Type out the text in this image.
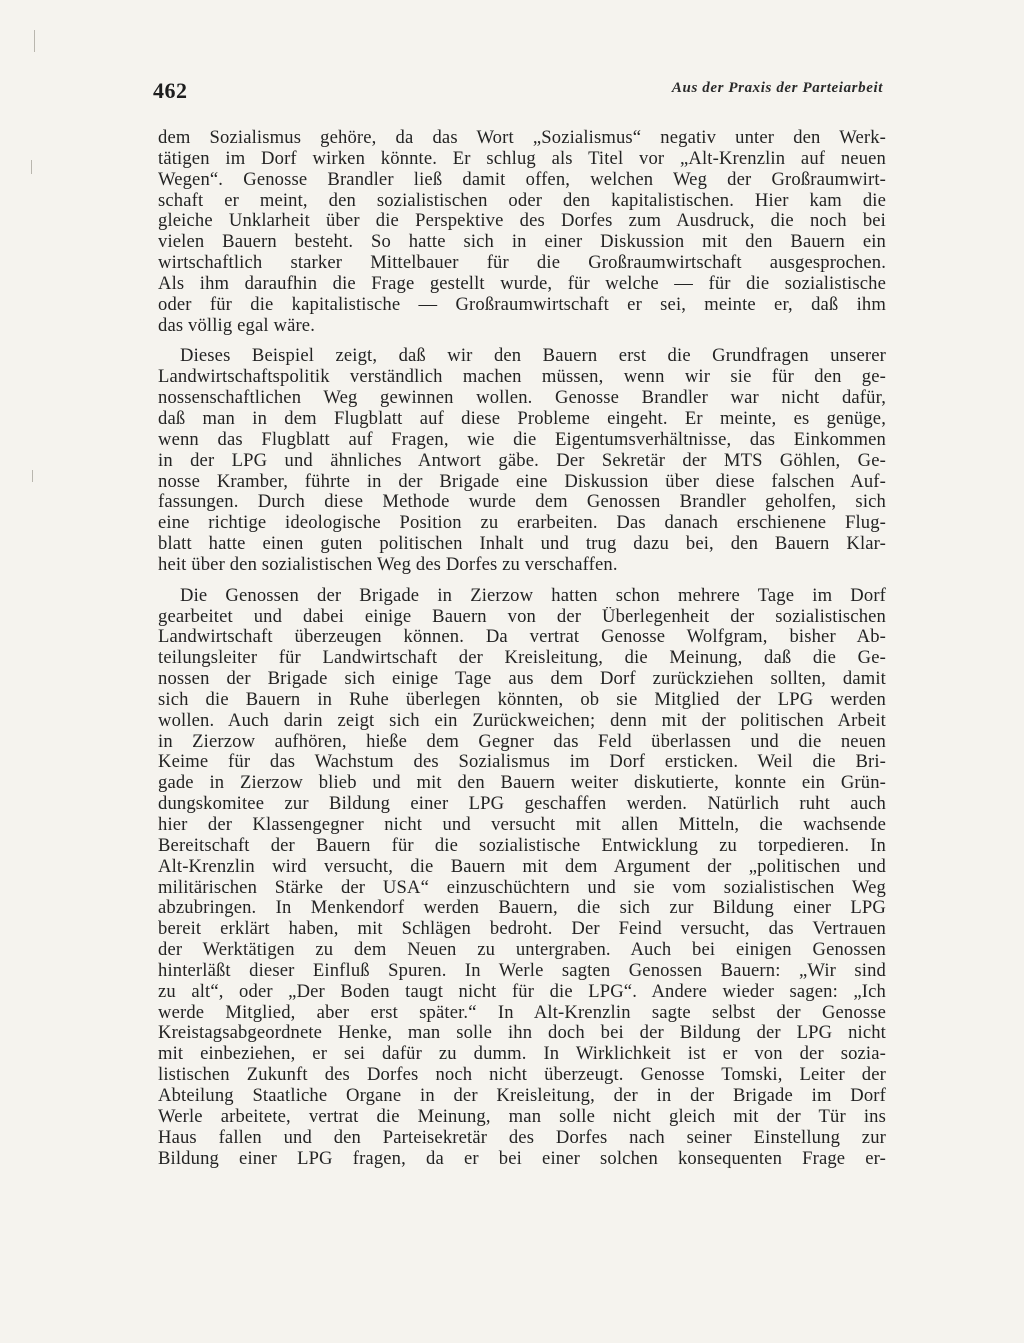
462	Aus der Praxis der Parteiarbeit
dem Sozialismus gehöre, da das Wort „Sozialismus“ negativ unter den Werk-
tätigen im Dorf wirken könnte. Er schlug als Titel vor „Alt-Krenzlin auf neuen
Wegen“. Genosse Brandler ließ damit offen, welchen Weg der Großraumwirt-
schaft er meint, den sozialistischen oder den kapitalistischen. Hier kam die
gleiche Unklarheit über die Perspektive des Dorfes zum Ausdruck, die noch bei
vielen Bauern besteht. So hatte sich in einer Diskussion mit den Bauern ein
wirtschaftlich starker Mittelbauer für die Großraumwirtschaft ausgesprochen.
Als ihm daraufhin die Frage gestellt wurde, für welche — für die sozialistische
oder für die kapitalistische — Großraumwirtschaft er sei, meinte er, daß ihm
das völlig egal wäre.
Dieses Beispiel zeigt, daß wir den Bauern erst die Grundfragen unserer
Landwirtschaftspolitik verständlich machen müssen, wenn wir sie für den ge-
nossenschaftlichen Weg gewinnen wollen. Genosse Brandler war nicht dafür,
daß man in dem Flugblatt auf diese Probleme eingeht. Er meinte, es genüge,
wenn das Flugblatt auf Fragen, wie die Eigentumsverhältnisse, das Einkommen
in der LPG und ähnliches Antwort gäbe. Der Sekretär der MTS Göhlen, Ge-
nosse Kramber, führte in der Brigade eine Diskussion über diese falschen Auf-
fassungen. Durch diese Methode wurde dem Genossen Brandler geholfen, sich
eine richtige ideologische Position zu erarbeiten. Das danach erschienene Flug-
blatt hatte einen guten politischen Inhalt und trug dazu bei, den Bauern Klar-
heit über den sozialistischen Weg des Dorfes zu verschaffen.
Die Genossen der Brigade in Zierzow hatten schon mehrere Tage im Dorf
gearbeitet und dabei einige Bauern von der Überlegenheit der sozialistischen
Landwirtschaft überzeugen können. Da vertrat Genosse Wolfgram, bisher Ab-
teilungsleiter für Landwirtschaft der Kreisleitung, die Meinung, daß die Ge-
nossen der Brigade sich einige Tage aus dem Dorf zurückziehen sollten, damit
sich die Bauern in Ruhe überlegen könnten, ob sie Mitglied der LPG werden
wollen. Auch darin zeigt sich ein Zurückweichen; denn mit der politischen Arbeit
in Zierzow aufhören, hieße dem Gegner das Feld überlassen und die neuen
Keime für das Wachstum des Sozialismus im Dorf ersticken. Weil die Bri-
gade in Zierzow blieb und mit den Bauern weiter diskutierte, konnte ein Grün-
dungskomitee zur Bildung einer LPG geschaffen werden. Natürlich ruht auch
hier der Klassengegner nicht und versucht mit allen Mitteln, die wachsende
Bereitschaft der Bauern für die sozialistische Entwicklung zu torpedieren. In
Alt-Krenzlin wird versucht, die Bauern mit dem Argument der „politischen und
militärischen Stärke der USA“ einzuschüchtern und sie vom sozialistischen Weg
abzubringen. In Menkendorf werden Bauern, die sich zur Bildung einer LPG
bereit erklärt haben, mit Schlägen bedroht. Der Feind versucht, das Vertrauen
der Werktätigen zu dem Neuen zu untergraben. Auch bei einigen Genossen
hinterläßt dieser Einfluß Spuren. In Werle sagten Genossen Bauern: „Wir sind
zu alt“, oder „Der Boden taugt nicht für die LPG“. Andere wieder sagen: „Ich
werde Mitglied, aber erst später.“ In Alt-Krenzlin sagte selbst der Genosse
Kreistagsabgeordnete Henke, man solle ihn doch bei der Bildung der LPG nicht
mit einbeziehen, er sei dafür zu dumm. In Wirklichkeit ist er von der soziа-
listischen Zukunft des Dorfes noch nicht überzeugt. Genosse Tomski, Leiter der
Abteilung Staatliche Organe in der Kreisleitung, der in der Brigade im Dorf
Werle arbeitete, vertrat die Meinung, man solle nicht gleich mit der Tür ins
Haus fallen und den Parteisekretär des Dorfes nach seiner Einstellung zur
Bildung einer LPG fragen, da er bei einer solchen konsequenten Frage er-
